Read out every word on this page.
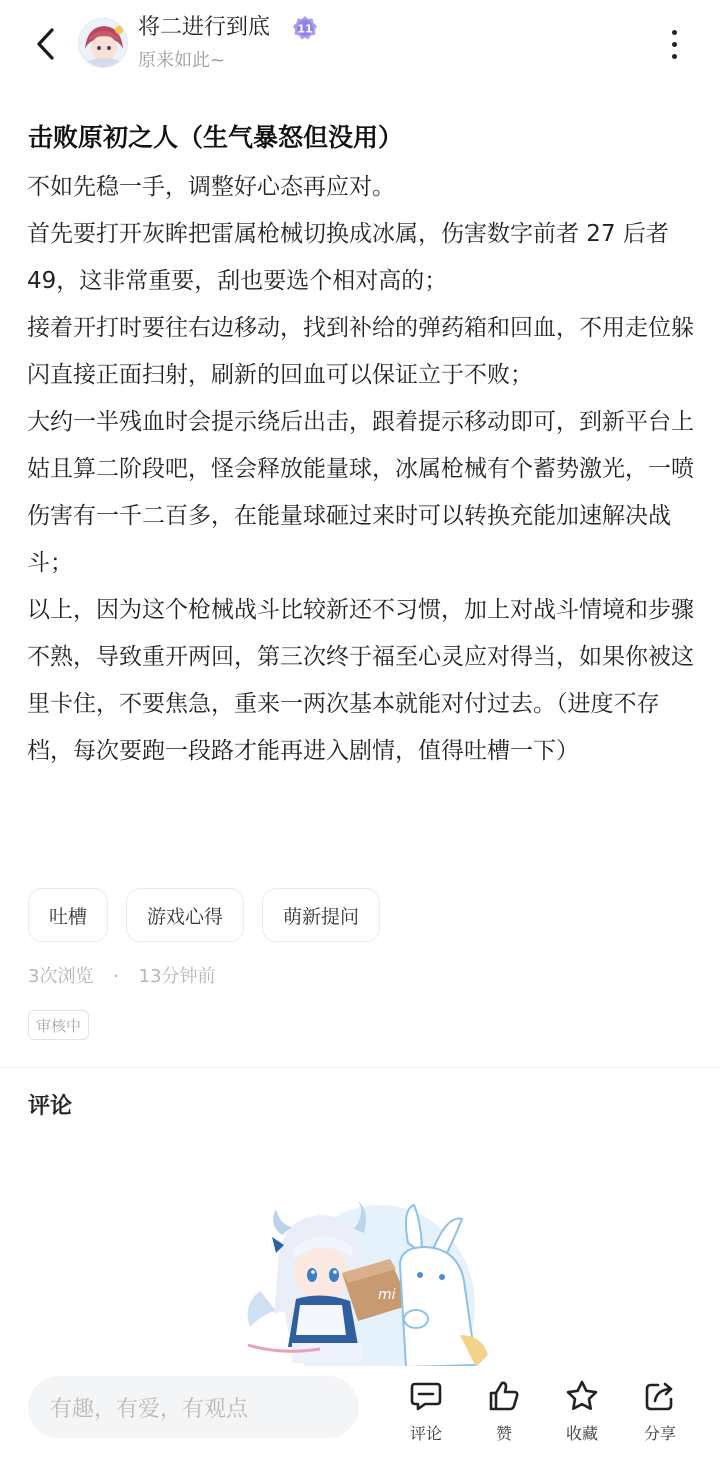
将二进行到底 11
原来如此~
击败原初之人（生气暴怒但没用）

不如先稳一手，调整好心态再应对。

首先要打开灰眸把雷属枪械切换成冰属，伤害数字前者 27 后者 49，这非常重要，刮也要选个相对高的；

接着开打时要往右边移动，找到补给的弹药箱和回血，不用走位躲闪直接正面扫射，刷新的回血可以保证立于不败；

大约一半残血时会提示绕后出击，跟着提示移动即可，到新平台上姑且算二阶段吧，怪会释放能量球，冰属枪械有个蓄势激光，一喷伤害有一千二百多，在能量球砸过来时可以转换充能加速解决战斗；

以上，因为这个枪械战斗比较新还不习惯，加上对战斗情境和步骤不熟，导致重开两回，第三次终于福至心灵应对得当，如果你被这里卡住，不要焦急，重来一两次基本就能对付过去。（进度不存档，每次要跑一段路才能再进入剧情，值得吐槽一下）

吐槽	游戏心得	萌新提问
3次浏览 · 13分钟前
审核中
评论
mi
有趣，有爱，有观点
评论	赞	收藏	分享
